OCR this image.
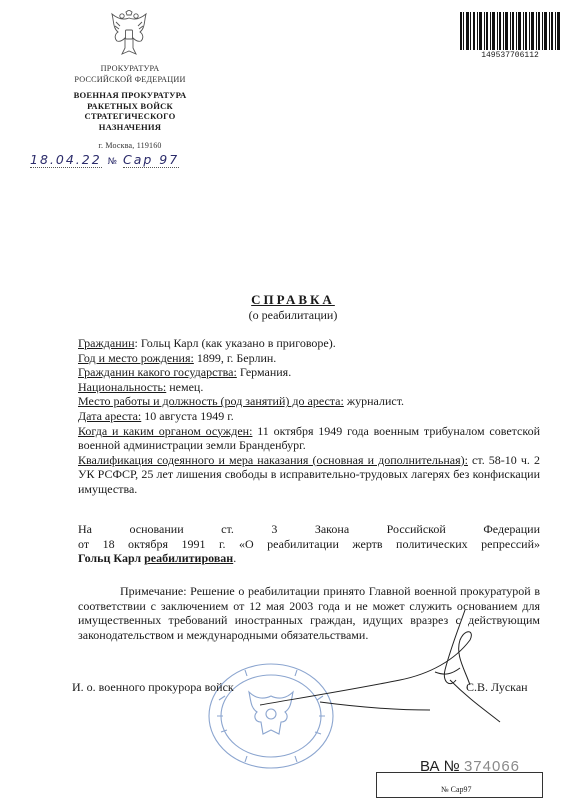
ПРОКУРАТУРА
РОССИЙСКОЙ ФЕДЕРАЦИИ
ВОЕННАЯ ПРОКУРАТУРА
РАКЕТНЫХ ВОЙСК
СТРАТЕГИЧЕСКОГО
НАЗНАЧЕНИЯ
г. Москва, 119160
18.04.22 № Сар 97
149537706112
СПРАВКА
(о реабилитации)
Гражданин: Гольц Карл (как указано в приговоре).
Год и место рождения: 1899, г. Берлин.
Гражданин какого государства: Германия.
Национальность: немец.
Место работы и должность (род занятий) до ареста: журналист.
Дата ареста: 10 августа 1949 г.
Когда и каким органом осужден: 11 октября 1949 года военным трибуналом советской военной администрации земли Бранденбург.
Квалификация содеянного и мера наказания (основная и дополнительная): ст. 58-10 ч. 2 УК РСФСР, 25 лет лишения свободы в исправительно-трудовых лагерях без конфискации имущества.
На основании ст. 3 Закона Российской Федерации
от 18 октября 1991 г. «О реабилитации жертв политических репрессий»
Гольц Карл реабилитирован.
Примечание: Решение о реабилитации принято Главной военной прокуратурой в соответствии с заключением от 12 мая 2003 года и не может служить основанием для имущественных требований иностранных граждан, идущих вразрез с действующим законодательством и международными обязательствами.
И. о. военного прокурора войск	С.В. Лускан
ВА № 374066
№ Сар97
